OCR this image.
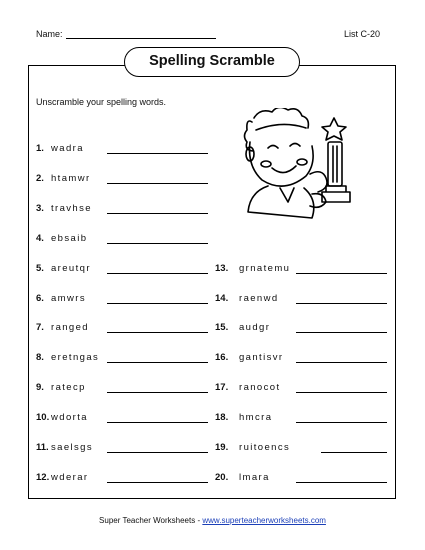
Name:	List C-20
Spelling Scramble
Unscramble your spelling words.
1. wadra
2. htamwr
3. travhse
4. ebsaib
5. areutqr
6. amwrs
7. ranged
8. eretngas
9. ratecp
10. wdorta
11. saelsgs
12. wderar
13. grnatemu
14. raenwd
15. audgr
16. gantisvr
17. ranocot
18. hmcra
19. ruitoencs
20. lmara
Super Teacher Worksheets - www.superteacherworksheets.com
